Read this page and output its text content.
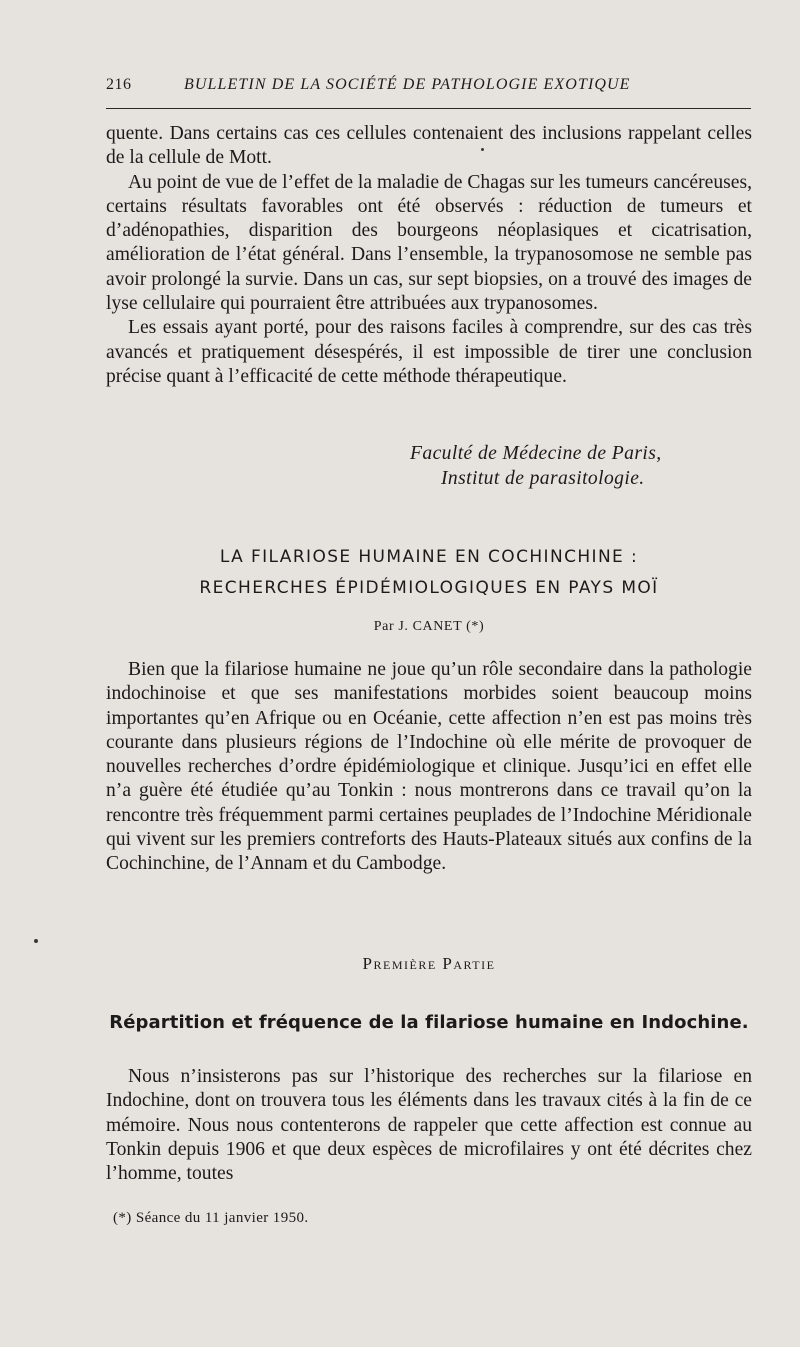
216	BULLETIN DE LA SOCIÉTÉ DE PATHOLOGIE EXOTIQUE

quente. Dans certains cas ces cellules contenaient des inclusions rappelant celles de la cellule de Mott.

Au point de vue de l’effet de la maladie de Chagas sur les tumeurs cancéreuses, certains résultats favorables ont été observés : réduction de tumeurs et d’adénopathies, disparition des bourgeons néoplasiques et cicatrisation, amélioration de l’état général. Dans l’ensemble, la trypanosomose ne semble pas avoir prolongé la survie. Dans un cas, sur sept biopsies, on a trouvé des images de lyse cellulaire qui pourraient être attribuées aux trypanosomes.

Les essais ayant porté, pour des raisons faciles à comprendre, sur des cas très avancés et pratiquement désespérés, il est impossible de tirer une conclusion précise quant à l’efficacité de cette méthode thérapeutique.

Faculté de Médecine de Paris,
Institut de parasitologie.
LA FILARIOSE HUMAINE EN COCHINCHINE :
RECHERCHES ÉPIDÉMIOLOGIQUES EN PAYS MOÏ
Par J. CANET (*)

Bien que la filariose humaine ne joue qu’un rôle secondaire dans la pathologie indochinoise et que ses manifestations morbides soient beaucoup moins importantes qu’en Afrique ou en Océanie, cette affection n’en est pas moins très courante dans plusieurs régions de l’Indochine où elle mérite de provoquer de nouvelles recherches d’ordre épidémiologique et clinique. Jusqu’ici en effet elle n’a guère été étudiée qu’au Tonkin : nous montrerons dans ce travail qu’on la rencontre très fréquemment parmi certaines peuplades de l’Indochine Méridionale qui vivent sur les premiers contreforts des Hauts-Plateaux situés aux confins de la Cochinchine, de l’Annam et du Cambodge.

Première Partie
Répartition et fréquence de la filariose humaine en Indochine.

Nous n’insisterons pas sur l’historique des recherches sur la filariose en Indochine, dont on trouvera tous les éléments dans les travaux cités à la fin de ce mémoire. Nous nous contenterons de rappeler que cette affection est connue au Tonkin depuis 1906 et que deux espèces de microfilaires y ont été décrites chez l’homme, toutes

(*) Séance du 11 janvier 1950.
